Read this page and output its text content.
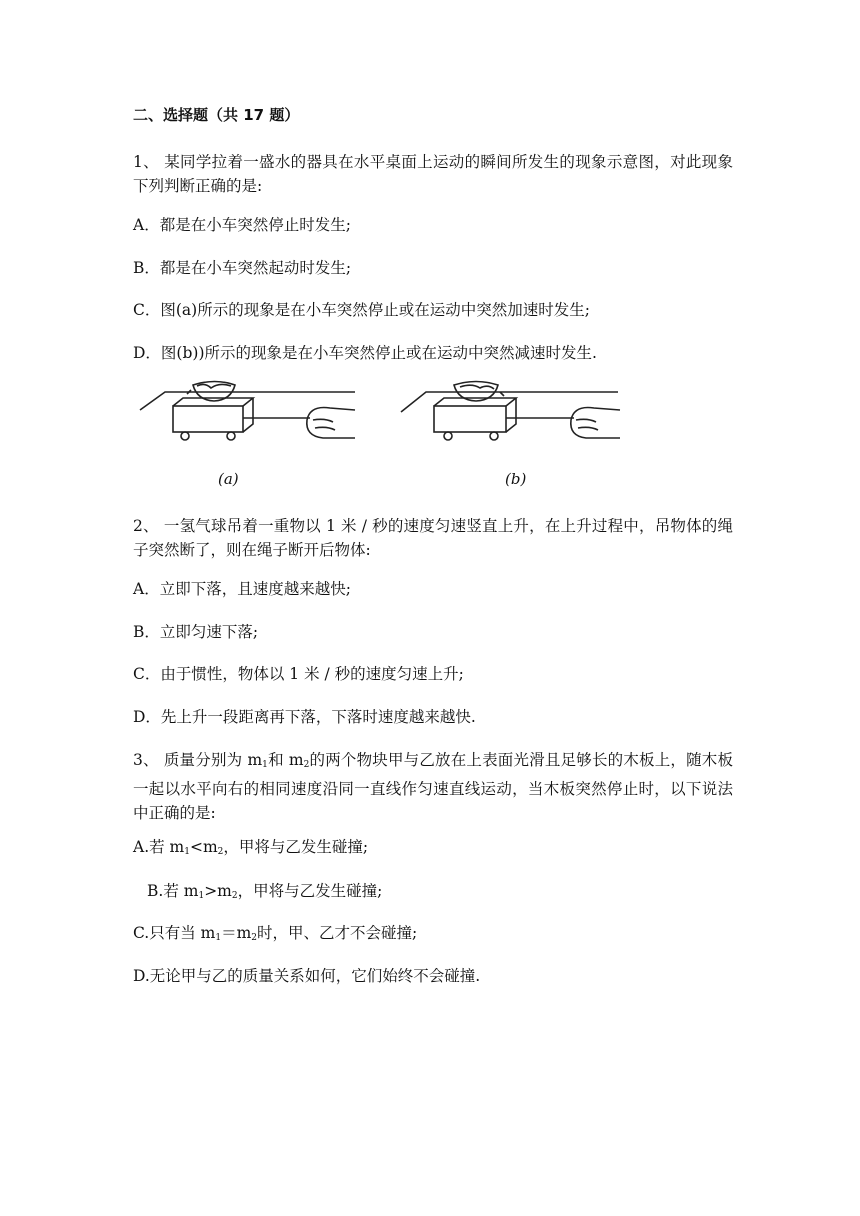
二、选择题（共 17 题）
1、 某同学拉着一盛水的器具在水平桌面上运动的瞬间所发生的现象示意图，对此现象下列判断正确的是:
A．都是在小车突然停止时发生;
B．都是在小车突然起动时发生;
C．图(a)所示的现象是在小车突然停止或在运动中突然加速时发生;
D．图(b))所示的现象是在小车突然停止或在运动中突然减速时发生.
(a)	(b)
2、 一氢气球吊着一重物以 1 米 / 秒的速度匀速竖直上升，在上升过程中，吊物体的绳子突然断了，则在绳子断开后物体:
A．立即下落，且速度越来越快;
B．立即匀速下落;
C．由于惯性，物体以 1 米 / 秒的速度匀速上升;
D．先上升一段距离再下落，下落时速度越来越快.
3、 质量分别为 $m_1$和 $m_2$的两个物块甲与乙放在上表面光滑且足够长的木板上，随木板一起以水平向右的相同速度沿同一直线作匀速直线运动，当木板突然停止时，以下说法中正确的是:
A.若 $m_1<m_2$，甲将与乙发生碰撞;
B.若 $m_1>m_2$，甲将与乙发生碰撞;
C.只有当 $m_1=m_2$时，甲、乙才不会碰撞;
D.无论甲与乙的质量关系如何，它们始终不会碰撞.
